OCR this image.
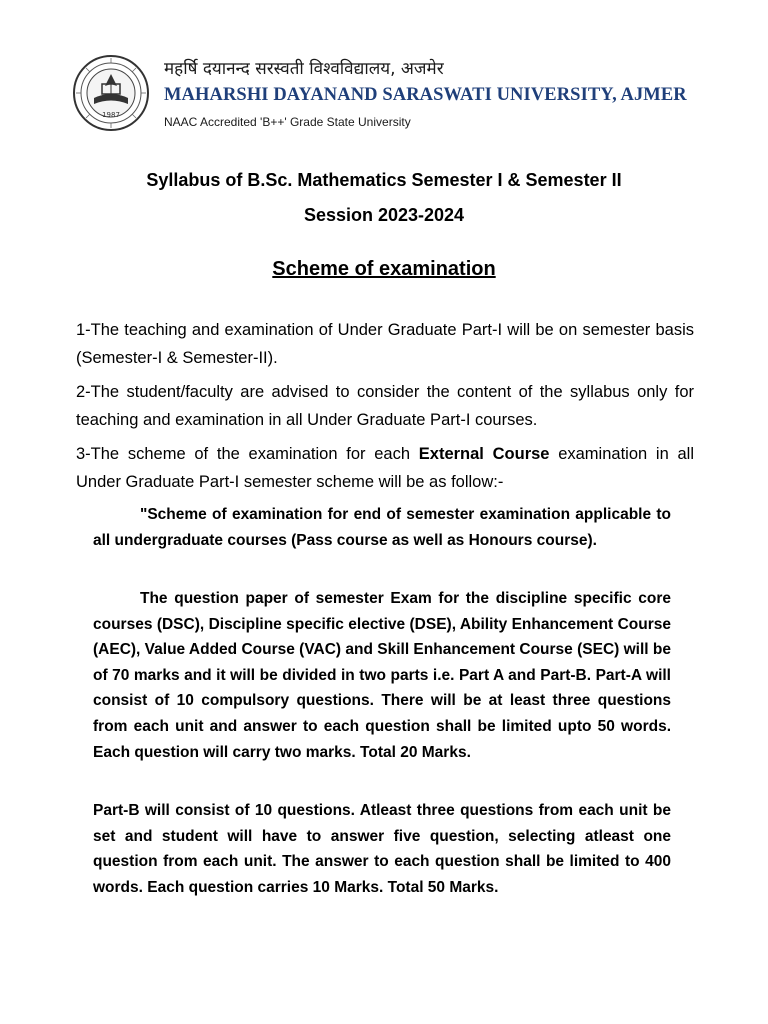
1987
महर्षि दयानन्द सरस्वती विश्वविद्यालय, अजमेर
MAHARSHI DAYANAND SARASWATI UNIVERSITY, AJMER
NAAC Accredited 'B++' Grade State University
Syllabus of B.Sc. Mathematics Semester I & Semester II
Session 2023-2024
Scheme of examination
1-The teaching and examination of Under Graduate Part-I will be on semester basis (Semester-I & Semester-II).
2-The student/faculty are advised to consider the content of the syllabus only for teaching and examination in all Under Graduate Part-I courses.
3-The scheme of the examination for each External Course examination in all Under Graduate Part-I semester scheme will be as follow:-
"Scheme of examination for end of semester examination applicable to all undergraduate courses (Pass course as well as Honours course).
The question paper of semester Exam for the discipline specific core courses (DSC), Discipline specific elective (DSE), Ability Enhancement Course (AEC), Value Added Course (VAC) and Skill Enhancement Course (SEC) will be of 70 marks and it will be divided in two parts i.e. Part A and Part-B. Part-A will consist of 10 compulsory questions. There will be at least three questions from each unit and answer to each question shall be limited upto 50 words. Each question will carry two marks. Total 20 Marks.
Part-B will consist of 10 questions. Atleast three questions from each unit be set and student will have to answer five question, selecting atleast one question from each unit. The answer to each question shall be limited to 400 words. Each question carries 10 Marks. Total 50 Marks.
